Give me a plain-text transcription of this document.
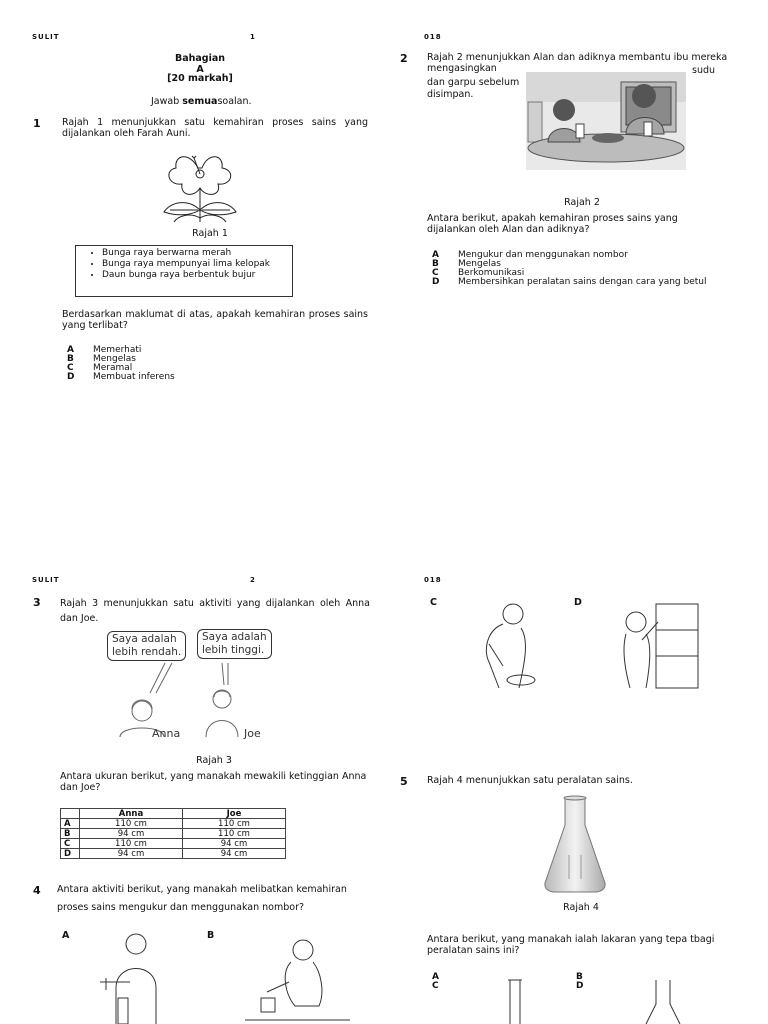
SULIT	1
Bahagian A
[20 markah]
Jawab semuasoalan.
1 Rajah 1 menunjukkan satu kemahiran proses sains yang dijalankan oleh Farah Auni.
Rajah 1
• Bunga raya berwarna merah
• Bunga raya mempunyai lima kelopak
• Daun bunga raya berbentuk bujur
Berdasarkan maklumat di atas, apakah kemahiran proses sains yang terlibat?
A Memerhati
B Mengelas
C Meramal
D Membuat inferens
018
2 Rajah 2 menunjukkan Alan dan adiknya membantu ibu mereka
mengasingkan	sudu
dan garpu sebelum
disimpan.
Rajah 2
Antara berikut, apakah kemahiran proses sains yang dijalankan oleh Alan dan adiknya?
A Mengukur dan menggunakan nombor
B Mengelas
C Berkomunikasi
D Membersihkan peralatan sains dengan cara yang betul
SULIT	2
3 Rajah 3 menunjukkan satu aktiviti yang dijalankan oleh Anna dan Joe.
Saya adalah
lebih rendah.
Saya adalah
lebih tinggi.
Anna	Joe
Rajah 3
Antara ukuran berikut, yang manakah mewakili ketinggian Anna dan Joe?
	Anna	Joe
A	110 cm	110 cm
B	94 cm	110 cm
C	110 cm	94 cm
D	94 cm	94 cm
4 Antara aktiviti berikut, yang manakah melibatkan kemahiran
proses sains mengukur dan menggunakan nombor?
A	B
018
C	D
5 Rajah 4 menunjukkan satu peralatan sains.
Rajah 4
Antara berikut, yang manakah ialah lakaran yang tepa tbagi peralatan sains ini?
A
C
B
D
